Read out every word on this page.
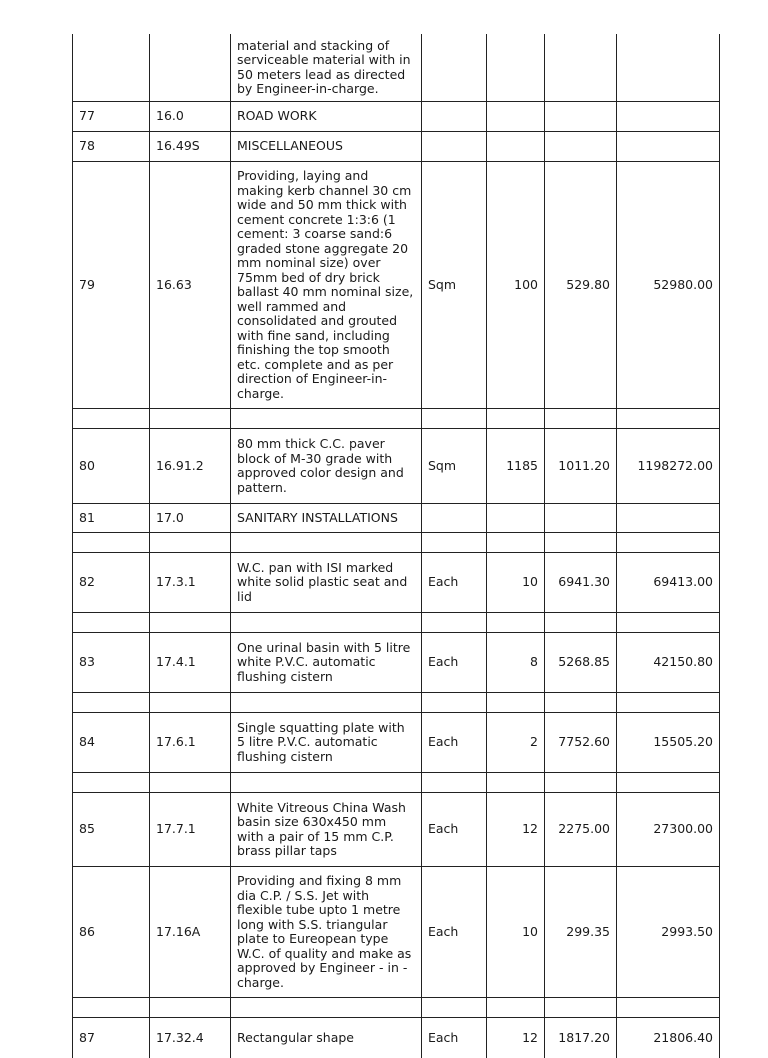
		material and stacking of serviceable material with in 50 meters lead as directed by Engineer-in-charge.				
77	16.0	ROAD WORK				
78	16.49S	MISCELLANEOUS				
79	16.63	Providing, laying and making kerb channel 30 cm wide and 50 mm thick with cement concrete 1:3:6 (1 cement: 3 coarse sand:6 graded stone aggregate 20 mm nominal size) over 75mm bed of dry brick ballast 40 mm nominal size, well rammed and consolidated and grouted with fine sand, including finishing the top smooth etc. complete and as per direction of Engineer-in-charge.	Sqm	100	529.80	52980.00

80	16.91.2	80 mm thick C.C. paver block of M-30 grade with approved color design and pattern.	Sqm	1185	1011.20	1198272.00
81	17.0	SANITARY INSTALLATIONS				

82	17.3.1	W.C. pan with ISI marked white solid plastic seat and lid	Each	10	6941.30	69413.00

83	17.4.1	One urinal basin with 5 litre white P.V.C. automatic flushing cistern	Each	8	5268.85	42150.80

84	17.6.1	Single squatting plate with 5 litre P.V.C. automatic flushing cistern	Each	2	7752.60	15505.20

85	17.7.1	White Vitreous China Wash basin size 630x450 mm with a pair of 15 mm C.P. brass pillar taps	Each	12	2275.00	27300.00
86	17.16A	Providing and fixing 8 mm dia C.P. / S.S. Jet with flexible tube upto 1 metre long with S.S. triangular plate to Eureopean type W.C. of quality and make as approved by Engineer - in - charge.	Each	10	299.35	2993.50

87	17.32.4	Rectangular shape	Each	12	1817.20	21806.40
